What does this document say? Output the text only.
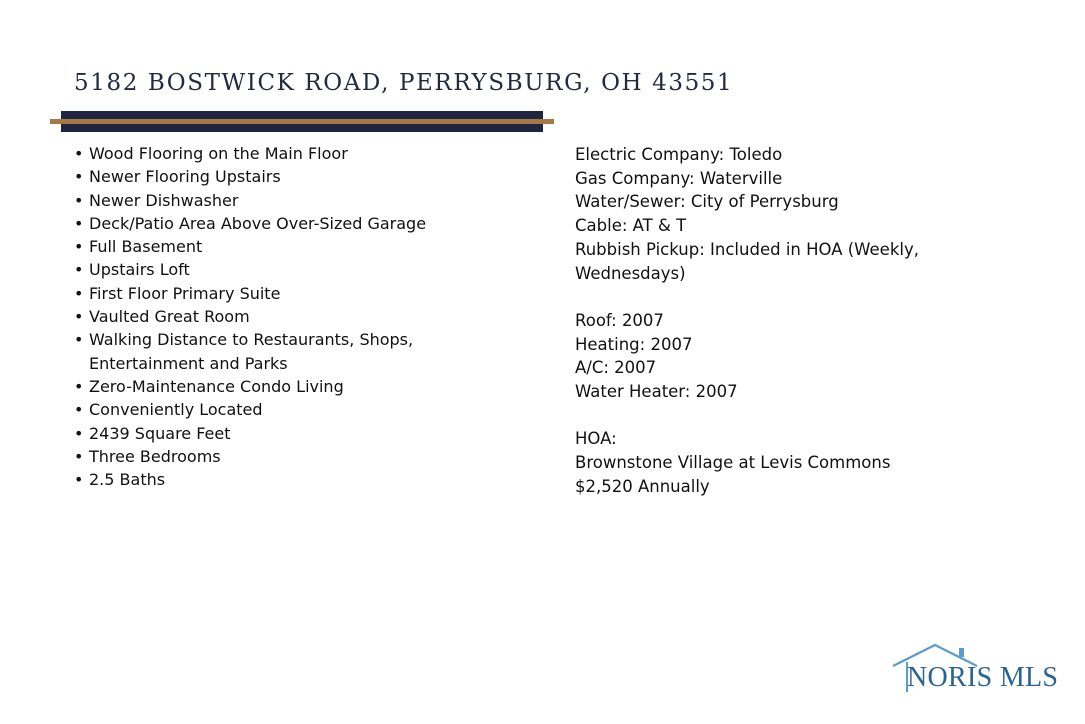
5182 BOSTWICK ROAD, PERRYSBURG, OH 43551
• Wood Flooring on the Main Floor
• Newer Flooring Upstairs
• Newer Dishwasher
• Deck/Patio Area Above Over-Sized Garage
• Full Basement
• Upstairs Loft
• First Floor Primary Suite
• Vaulted Great Room
• Walking Distance to Restaurants, Shops, Entertainment and Parks
• Zero-Maintenance Condo Living
• Conveniently Located
• 2439 Square Feet
• Three Bedrooms
• 2.5 Baths
Electric Company: Toledo
Gas Company: Waterville
Water/Sewer: City of Perrysburg
Cable: AT & T
Rubbish Pickup: Included in HOA (Weekly, Wednesdays)
Roof: 2007
Heating: 2007
A/C: 2007
Water Heater: 2007
HOA:
Brownstone Village at Levis Commons
$2,520 Annually
NORIS MLS
